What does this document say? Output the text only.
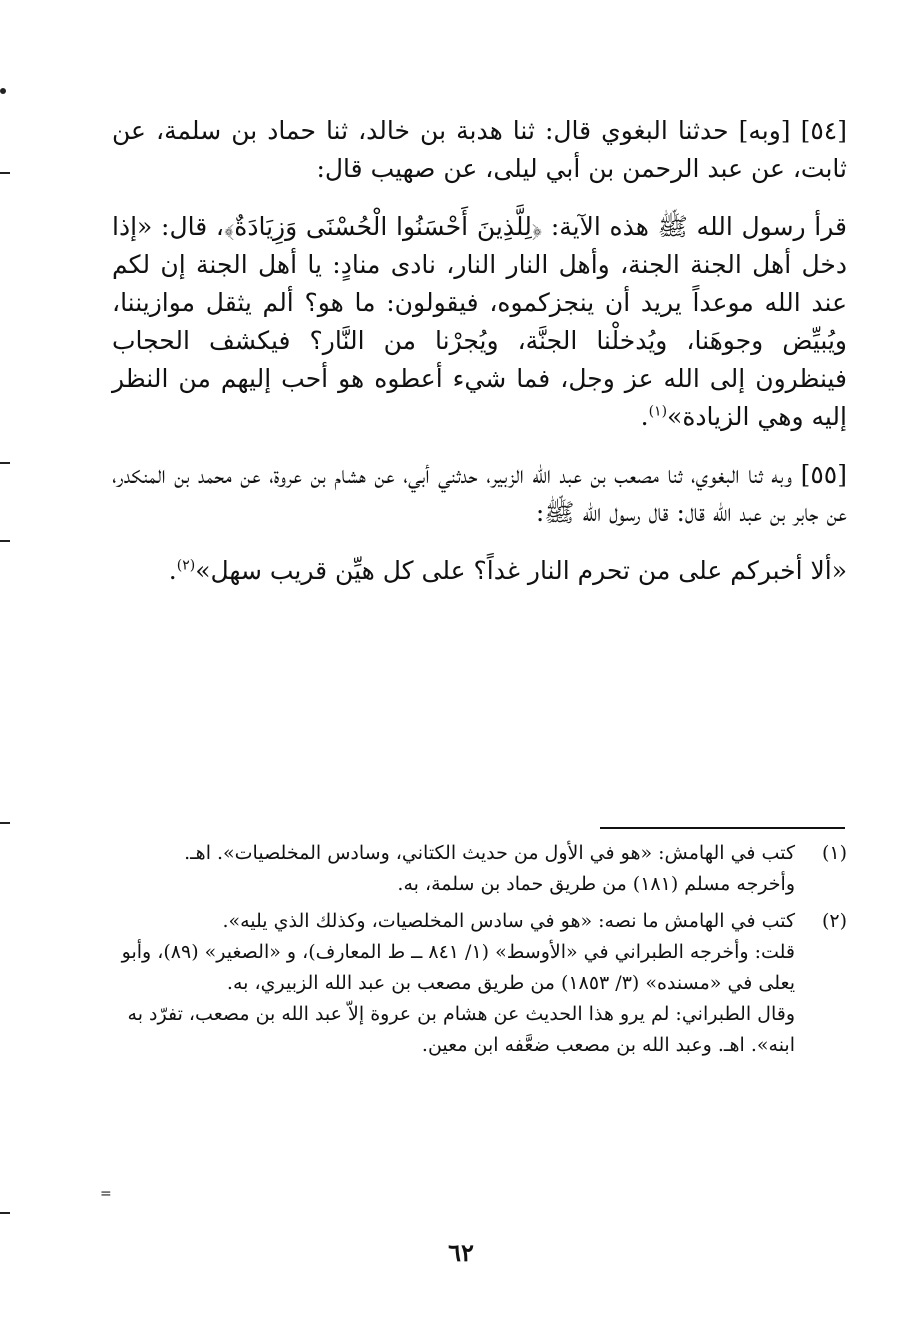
[٥٤] [وبه] حدثنا البغوي قال: ثنا هدبة بن خالد، ثنا حماد بن سلمة، عن ثابت، عن عبد الرحمن بن أبي ليلى، عن صهيب قال:

قرأ رسول الله ﷺ هذه الآية: ﴿لِلَّذِينَ أَحْسَنُوا الْحُسْنَى وَزِيَادَةٌ﴾، قال: «إذا دخل أهل الجنة الجنة، وأهل النار النار، نادى منادٍ: يا أهل الجنة إن لكم عند الله موعداً يريد أن ينجزكموه، فيقولون: ما هو؟ ألم يثقل موازيننا، ويُبيِّض وجوهَنا، ويُدخلْنا الجنَّة، ويُجرْنا من النَّار؟ فيكشف الحجاب فينظرون إلى الله عز وجل، فما شيء أعطوه هو أحب إليهم من النظر إليه وهي الزيادة»$^{(١)}$.

[٥٥] وبه ثنا البغوي، ثنا مصعب بن عبد الله الزبير، حدثني أبي، عن هشام بن عروة، عن محمد بن المنكدر، عن جابر بن عبد الله قال: قال رسول الله ﷺ:

«ألا أخبركم على من تحرم النار غداً؟ على كل هيِّن قريب سهل»$^{(٢)}$.

(١)
كتب في الهامش: «هو في الأول من حديث الكتاني، وسادس المخلصيات». اهـ.
وأخرجه مسلم (١٨١) من طريق حماد بن سلمة، به.
(٢)
كتب في الهامش ما نصه: «هو في سادس المخلصيات، وكذلك الذي يليه».
قلت: وأخرجه الطبراني في «الأوسط» (١/ ٨٤١ ــ ط المعارف)، و «الصغير» (٨٩)، وأبو يعلى في «مسنده» (٣/ ١٨٥٣) من طريق مصعب بن عبد الله الزبيري، به.
وقال الطبراني: لم يرو هذا الحديث عن هشام بن عروة إلاّ عبد الله بن مصعب، تفرّد به ابنه». اهـ. وعبد الله بن مصعب ضعَّفه ابن معين.
٦٢
=
